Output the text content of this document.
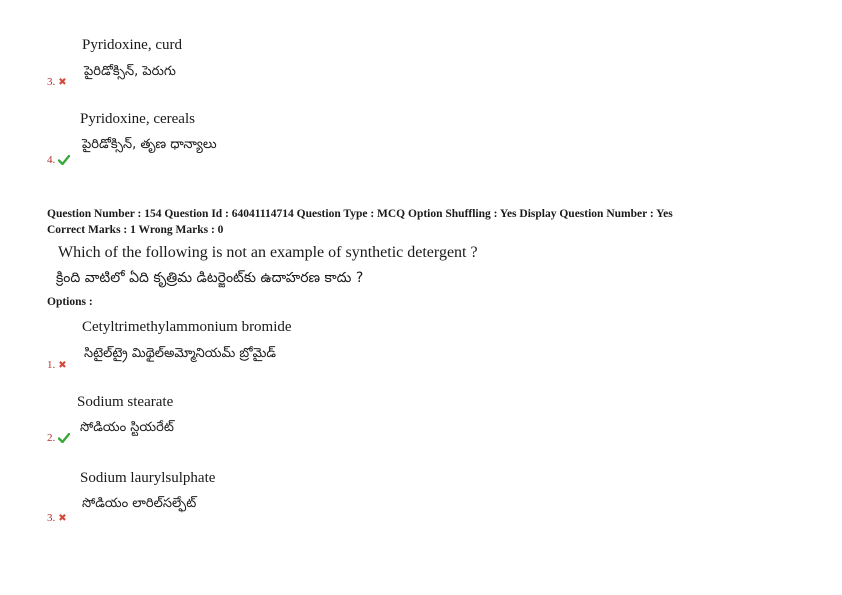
Pyridoxine, curd
పైరిడోక్సిన్, పెరుగు
3. ✖
Pyridoxine, cereals
పైరిడోక్సిన్, తృణ ధాన్యాలు
4.
Question Number : 154 Question Id : 64041114714 Question Type : MCQ Option Shuffling : Yes Display Question Number : Yes
Correct Marks : 1 Wrong Marks : 0
Which of the following is not an example of synthetic detergent ?
క్రింది వాటిలో ఏది కృత్రిమ డిటర్జెంట్‌కు ఉదాహరణ కాదు ?
Options :
Cetyltrimethylammonium bromide
సిటైల్‌ట్రై మిథైల్‌అమ్మోనియమ్ బ్రోమైడ్
1. ✖
Sodium stearate
సోడియం స్టియరేట్
2.
Sodium laurylsulphate
సోడియం లారిల్‌సల్ఫేట్
3. ✖
